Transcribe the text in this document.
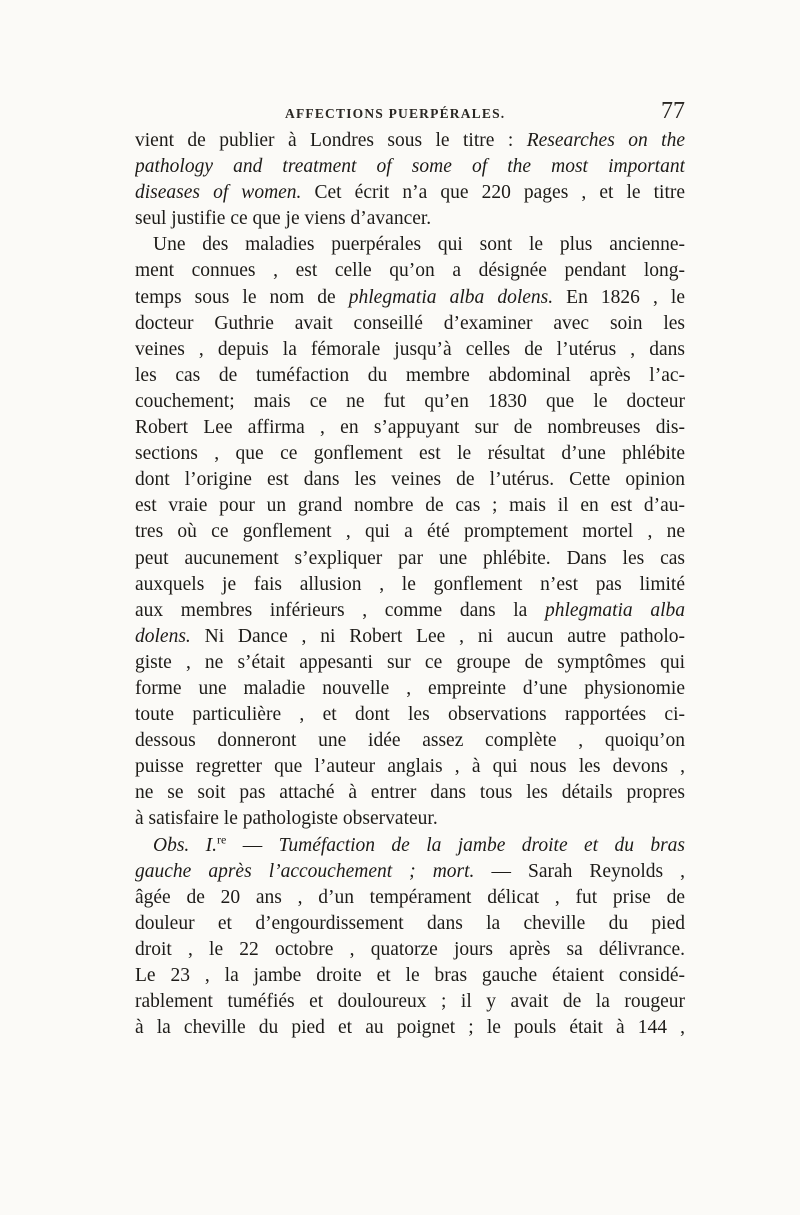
AFFECTIONS PUERPÉRALES.	77
vient de publier à Londres sous le titre : Researches on the
pathology and treatment of some of the most important
diseases of women. Cet écrit n’a que 220 pages , et le titre
seul justifie ce que je viens d’avancer.
Une des maladies puerpérales qui sont le plus ancienne-
ment connues , est celle qu’on a désignée pendant long-
temps sous le nom de phlegmatia alba dolens. En 1826 , le
docteur Guthrie avait conseillé d’examiner avec soin les
veines , depuis la fémorale jusqu’à celles de l’utérus , dans
les cas de tuméfaction du membre abdominal après l’ac-
couchement; mais ce ne fut qu’en 1830 que le docteur
Robert Lee affirma , en s’appuyant sur de nombreuses dis-
sections , que ce gonflement est le résultat d’une phlébite
dont l’origine est dans les veines de l’utérus. Cette opinion
est vraie pour un grand nombre de cas ; mais il en est d’au-
tres où ce gonflement , qui a été promptement mortel , ne
peut aucunement s’expliquer par une phlébite. Dans les cas
auxquels je fais allusion , le gonflement n’est pas limité
aux membres inférieurs , comme dans la phlegmatia alba
dolens. Ni Dance , ni Robert Lee , ni aucun autre patholo-
giste , ne s’était appesanti sur ce groupe de symptômes qui
forme une maladie nouvelle , empreinte d’une physionomie
toute particulière , et dont les observations rapportées ci-
dessous donneront une idée assez complète , quoiqu’on
puisse regretter que l’auteur anglais , à qui nous les devons ,
ne se soit pas attaché à entrer dans tous les détails propres
à satisfaire le pathologiste observateur.
Obs. I.$^{re}$ — Tuméfaction de la jambe droite et du bras
gauche après l’accouchement ; mort. — Sarah Reynolds ,
âgée de 20 ans , d’un tempérament délicat , fut prise de
douleur et d’engourdissement dans la cheville du pied
droit , le 22 octobre , quatorze jours après sa délivrance.
Le 23 , la jambe droite et le bras gauche étaient considé-
rablement tuméfiés et douloureux ; il y avait de la rougeur
à la cheville du pied et au poignet ; le pouls était à 144 ,
